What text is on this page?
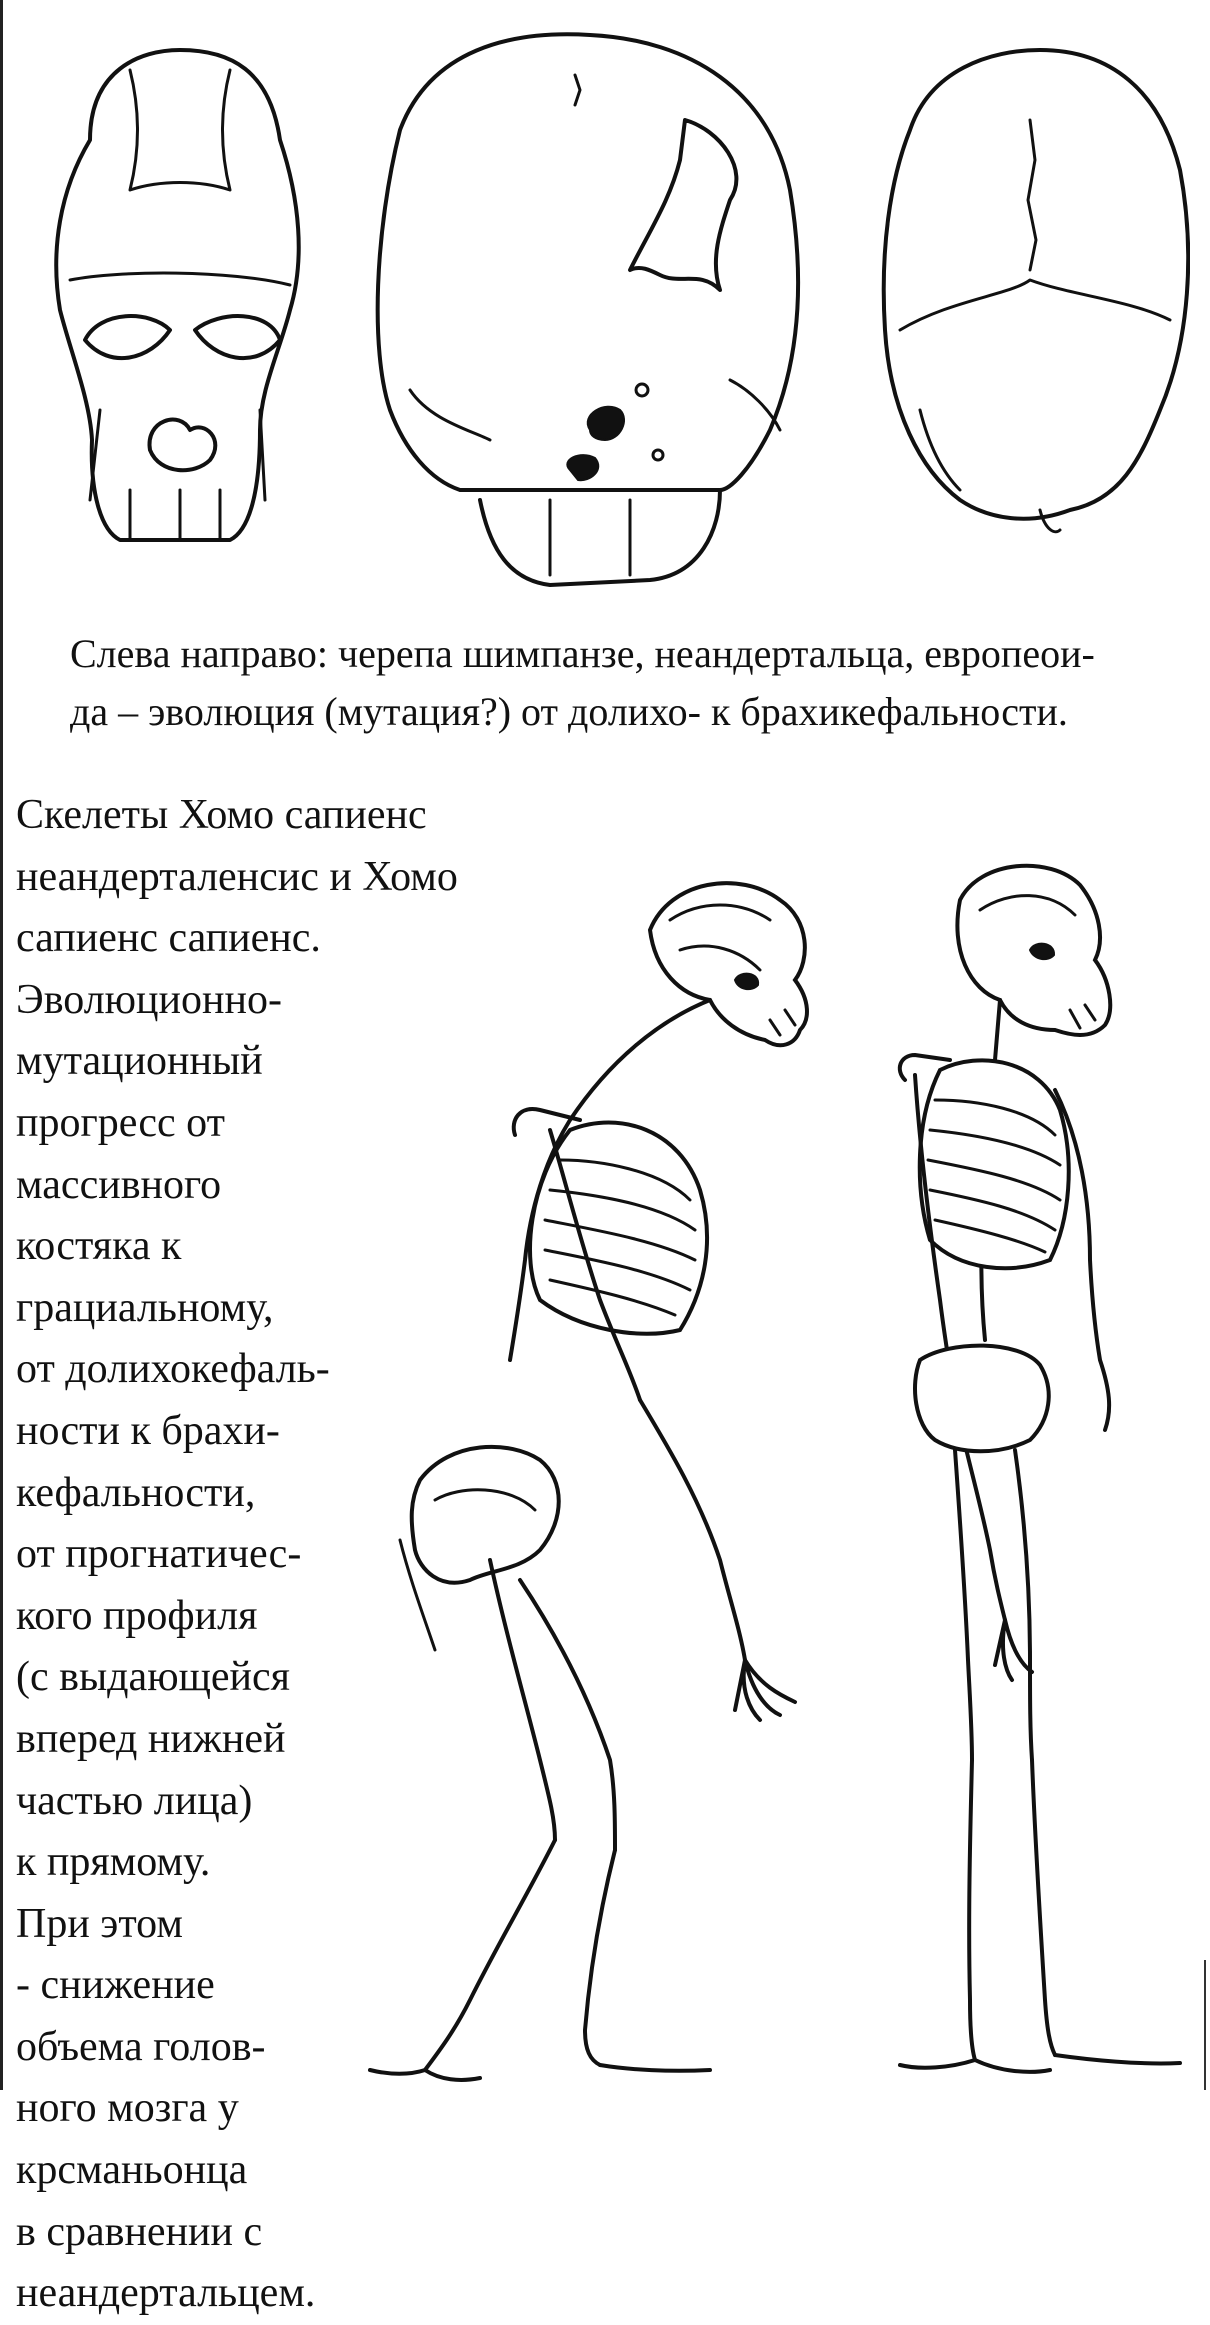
Слева направо: черепа шимпанзе, неандертальца, европеои-
да – эволюция (мутация?) от долихо- к брахикефальности.
Скелеты Хомо сапиенс
неандерталенсис и Хомо
сапиенс сапиенс.
Эволюционно-
мутационный
прогресс от
массивного
костяка к
грациальному,
от долихокефаль-
ности к брахи-
кефальности,
от прогнатичес-
кого профиля
(с выдающейся
вперед нижней
частью лица)
к прямому.
При этом
- снижение
объема голов-
ного мозга у
крсманьонца
в сравнении с
неандертальцем.
